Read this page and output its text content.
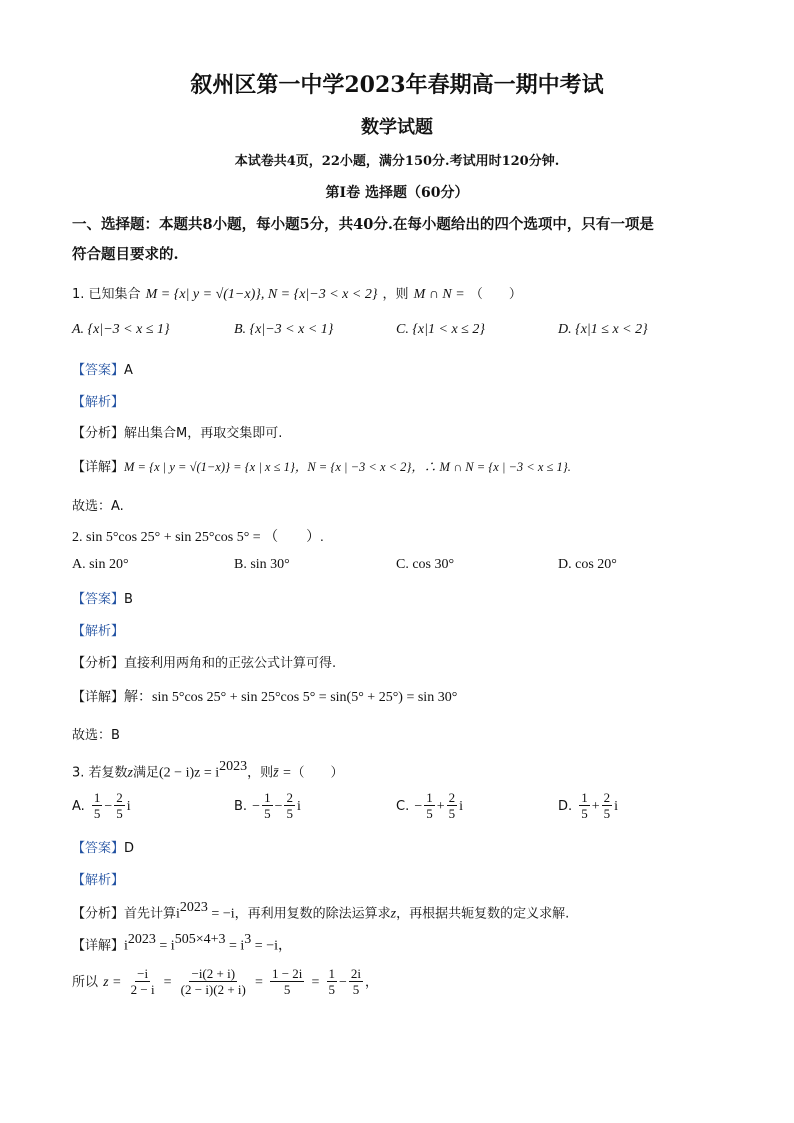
叙州区第一中学2023年春期高一期中考试
数学试题
本试卷共4页，22小题，满分150分.考试用时120分钟.
第I卷 选择题（60分）
一、选择题：本题共8小题，每小题5分，共40分.在每小题给出的四个选项中，只有一项是
符合题目要求的.
1. 已知集合 M = {x| y = √(1−x)}, N = {x|−3 < x < 2} ，则 M ∩ N = （　　）
A. {x|−3 < x ≤ 1}	B. {x|−3 < x < 1}	C. {x|1 < x ≤ 2}	D. {x|1 ≤ x < 2}
【答案】A
【解析】
【分析】解出集合M，再取交集即可.
【详解】M = {x | y = √(1−x)} = {x | x ≤ 1}，N = {x | −3 < x < 2}，∴ M ∩ N = {x | −3 < x ≤ 1}.
故选：A.
2. sin 5°cos 25° + sin 25°cos 5° = （　　）.
A. sin 20°	B. sin 30°	C. cos 30°	D. cos 20°
【答案】B
【解析】
【分析】直接利用两角和的正弦公式计算可得.
【详解】解：sin 5°cos 25° + sin 25°cos 5° = sin(5° + 25°) = sin 30°
故选：B
3. 若复数z满足$(2 - i)z = i^{2023}$，则z̄ =（　　）
A. $\frac{1}{5} - \frac{2}{5}$ i	B. − $\frac{1}{5} - \frac{2}{5}$ i	C. − $\frac{1}{5} + \frac{2}{5}$ i	D. $\frac{1}{5} + \frac{2}{5}$ i
【答案】D
【解析】
【分析】首先计算$i^{2023} = -i$，再利用复数的除法运算求z，再根据共轭复数的定义求解.
【详解】$i^{2023} = i^{505\times 4+3} = i^3 = -i$，
所以 $z = \frac{-i}{2 - i} = \frac{-i(2 + i)}{(2 - i)(2 + i)} = \frac{1 - 2i}{5} = \frac{1}{5} - \frac{2i}{5}$ ，
